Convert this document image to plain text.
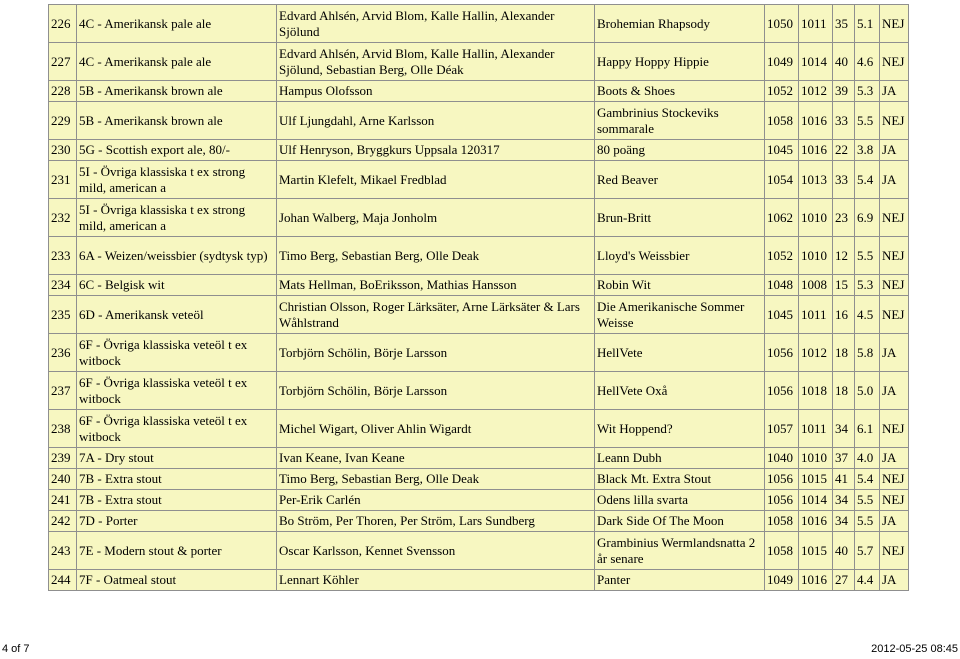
226	4C - Amerikansk pale ale	Edvard Ahlsén, Arvid Blom, Kalle Hallin, Alexander Sjölund	Brohemian Rhapsody	1050	1011	35	5.1	NEJ
227	4C - Amerikansk pale ale	Edvard Ahlsén, Arvid Blom, Kalle Hallin, Alexander Sjölund, Sebastian Berg, Olle Déak	Happy Hoppy Hippie	1049	1014	40	4.6	NEJ
228	5B - Amerikansk brown ale	Hampus Olofsson	Boots & Shoes	1052	1012	39	5.3	JA
229	5B - Amerikansk brown ale	Ulf Ljungdahl, Arne Karlsson	Gambrinius Stockeviks sommarale	1058	1016	33	5.5	NEJ
230	5G - Scottish export ale, 80/-	Ulf Henryson, Bryggkurs Uppsala 120317	80 poäng	1045	1016	22	3.8	JA
231	5I - Övriga klassiska t ex strong mild, american a	Martin Klefelt, Mikael Fredblad	Red Beaver	1054	1013	33	5.4	JA
232	5I - Övriga klassiska t ex strong mild, american a	Johan Walberg, Maja Jonholm	Brun-Britt	1062	1010	23	6.9	NEJ
233	6A - Weizen/weissbier (sydtysk typ)	Timo Berg, Sebastian Berg, Olle Deak	Lloyd's Weissbier	1052	1010	12	5.5	NEJ
234	6C - Belgisk wit	Mats Hellman, BoEriksson, Mathias Hansson	Robin Wit	1048	1008	15	5.3	NEJ
235	6D - Amerikansk veteöl	Christian Olsson, Roger Lärksäter, Arne Lärksäter & Lars Wåhlstrand	Die Amerikanische Sommer Weisse	1045	1011	16	4.5	NEJ
236	6F - Övriga klassiska veteöl t ex witbock	Torbjörn Schölin, Börje Larsson	HellVete	1056	1012	18	5.8	JA
237	6F - Övriga klassiska veteöl t ex witbock	Torbjörn Schölin, Börje Larsson	HellVete Oxå	1056	1018	18	5.0	JA
238	6F - Övriga klassiska veteöl t ex witbock	Michel Wigart, Oliver Ahlin Wigardt	Wit Hoppend?	1057	1011	34	6.1	NEJ
239	7A - Dry stout	Ivan Keane, Ivan Keane	Leann Dubh	1040	1010	37	4.0	JA
240	7B - Extra stout	Timo Berg, Sebastian Berg, Olle Deak	Black Mt. Extra Stout	1056	1015	41	5.4	NEJ
241	7B - Extra stout	Per-Erik Carlén	Odens lilla svarta	1056	1014	34	5.5	NEJ
242	7D - Porter	Bo Ström, Per Thoren, Per Ström, Lars Sundberg	Dark Side Of The Moon	1058	1016	34	5.5	JA
243	7E - Modern stout & porter	Oscar Karlsson, Kennet Svensson	Grambinius Wermlandsnatta 2 år senare	1058	1015	40	5.7	NEJ
244	7F - Oatmeal stout	Lennart Köhler	Panter	1049	1016	27	4.4	JA
4 of 7	2012-05-25 08:45
